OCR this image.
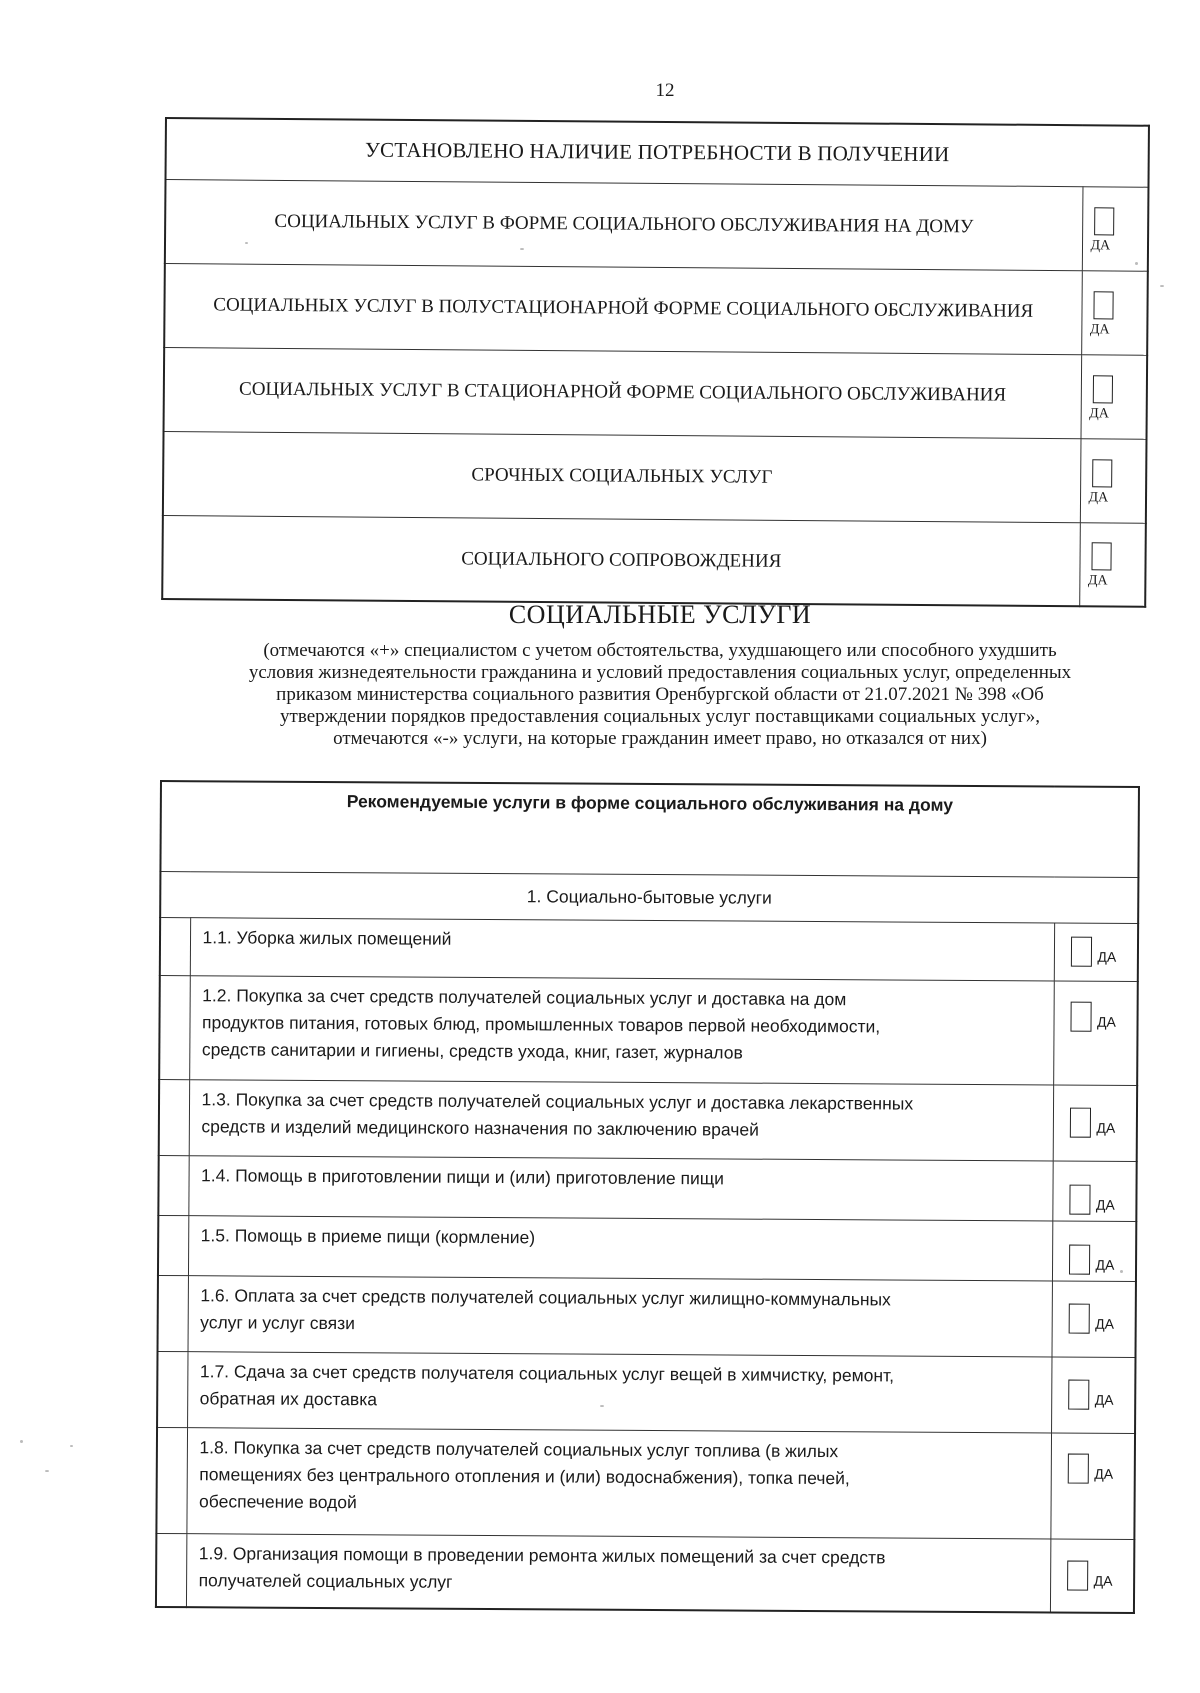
12
УСТАНОВЛЕНО НАЛИЧИЕ ПОТРЕБНОСТИ В ПОЛУЧЕНИИ	
СОЦИАЛЬНЫХ УСЛУГ В ФОРМЕ СОЦИАЛЬНОГО ОБСЛУЖИВАНИЯ НА ДОМУ	ДА

СОЦИАЛЬНЫХ УСЛУГ В ПОЛУСТАЦИОНАРНОЙ ФОРМЕ СОЦИАЛЬНОГО ОБСЛУЖИВАНИЯ	ДА

СОЦИАЛЬНЫХ УСЛУГ В СТАЦИОНАРНОЙ ФОРМЕ СОЦИАЛЬНОГО ОБСЛУЖИВАНИЯ	ДА

СРОЧНЫХ СОЦИАЛЬНЫХ УСЛУГ	ДА

СОЦИАЛЬНОГО СОПРОВОЖДЕНИЯ	ДА
СОЦИАЛЬНЫЕ УСЛУГИ
(отмечаются «+» специалистом с учетом обстоятельства, ухудшающего или способного ухудшить
условия жизнедеятельности гражданина и условий предоставления социальных услуг, определенных
приказом министерства социального развития Оренбургской области от 21.07.2021 № 398 «Об
утверждении порядков предоставления социальных услуг поставщиками социальных услуг»,
отмечаются «-» услуги, на которые гражданин имеет право, но отказался от них)
Рекомендуемые услуги в форме социального обслуживания на дому		
1. Социально-бытовые услуги		

	1.1. Уборка жилых помещений	ДА

	1.2. Покупка за счет средств получателей социальных услуг и доставка на дом
продуктов питания, готовых блюд, промышленных товаров первой необходимости,
средств санитарии и гигиены, средств ухода, книг, газет, журналов	ДА

	1.3. Покупка за счет средств получателей социальных услуг и доставка лекарственных
средств и изделий медицинского назначения по заключению врачей	ДА

	1.4. Помощь в приготовлении пищи и (или) приготовление пищи	ДА

	1.5. Помощь в приеме пищи (кормление)	ДА

	1.6. Оплата за счет средств получателей социальных услуг жилищно-коммунальных
услуг и услуг связи	ДА

	1.7. Сдача за счет средств получателя социальных услуг вещей в химчистку, ремонт,
обратная их доставка	ДА

	1.8. Покупка за счет средств получателей социальных услуг топлива (в жилых
помещениях без центрального отопления и (или) водоснабжения), топка печей,
обеспечение водой	ДА

	1.9. Организация помощи в проведении ремонта жилых помещений за счет средств
получателей социальных услуг	ДА
